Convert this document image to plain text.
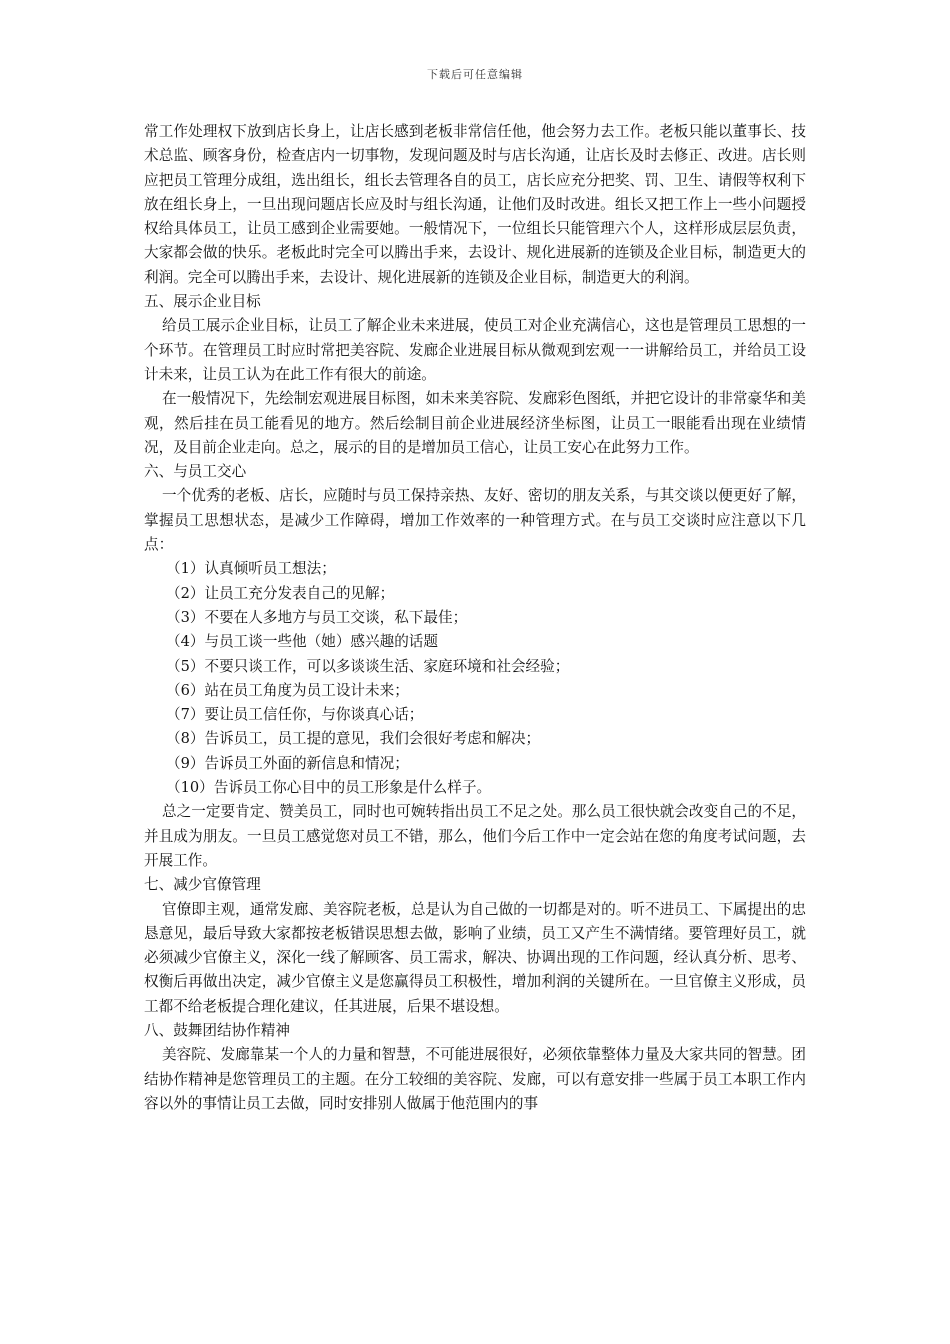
下载后可任意编辑

常工作处理权下放到店长身上，让店长感到老板非常信任他，他会努力去工作。老板只能以董事长、技术总监、顾客身份，检查店内一切事物，发现问题及时与店长沟通，让店长及时去修正、改进。店长则应把员工管理分成组，选出组长，组长去管理各自的员工，店长应充分把奖、罚、卫生、请假等权利下放在组长身上，一旦出现问题店长应及时与组长沟通，让他们及时改进。组长又把工作上一些小问题授权给具体员工，让员工感到企业需要她。一般情况下，一位组长只能管理六个人，这样形成层层负责，大家都会做的快乐。老板此时完全可以腾出手来，去设计、规化进展新的连锁及企业目标，制造更大的利润。完全可以腾出手来，去设计、规化进展新的连锁及企业目标，制造更大的利润。

五、展示企业目标

给员工展示企业目标，让员工了解企业未来进展，使员工对企业充满信心，这也是管理员工思想的一个环节。在管理员工时应时常把美容院、发廊企业进展目标从微观到宏观一一讲解给员工，并给员工设计未来，让员工认为在此工作有很大的前途。

在一般情况下，先绘制宏观进展目标图，如未来美容院、发廊彩色图纸，并把它设计的非常豪华和美观，然后挂在员工能看见的地方。然后绘制目前企业进展经济坐标图，让员工一眼能看出现在业绩情况，及目前企业走向。总之，展示的目的是增加员工信心，让员工安心在此努力工作。

六、与员工交心

一个优秀的老板、店长，应随时与员工保持亲热、友好、密切的朋友关系，与其交谈以便更好了解，掌握员工思想状态，是减少工作障碍，增加工作效率的一种管理方式。在与员工交谈时应注意以下几点：

（1）认真倾听员工想法；

（2）让员工充分发表自己的见解；

（3）不要在人多地方与员工交谈，私下最佳；

（4）与员工谈一些他（她）感兴趣的话题

（5）不要只谈工作，可以多谈谈生活、家庭环境和社会经验；

（6）站在员工角度为员工设计未来；

（7）要让员工信任你，与你谈真心话；

（8）告诉员工，员工提的意见，我们会很好考虑和解决；

（9）告诉员工外面的新信息和情况；

（10）告诉员工你心目中的员工形象是什么样子。

总之一定要肯定、赞美员工，同时也可婉转指出员工不足之处。那么员工很快就会改变自己的不足，并且成为朋友。一旦员工感觉您对员工不错，那么，他们今后工作中一定会站在您的角度考试问题，去开展工作。

七、减少官僚管理

官僚即主观，通常发廊、美容院老板，总是认为自己做的一切都是对的。听不进员工、下属提出的忠恳意见，最后导致大家都按老板错误思想去做，影响了业绩，员工又产生不满情绪。要管理好员工，就必须减少官僚主义，深化一线了解顾客、员工需求，解决、协调出现的工作问题，经认真分析、思考、权衡后再做出决定，减少官僚主义是您赢得员工积极性，增加利润的关键所在。一旦官僚主义形成，员工都不给老板提合理化建议，任其进展，后果不堪设想。

八、鼓舞团结协作精神

美容院、发廊靠某一个人的力量和智慧，不可能进展很好，必须依靠整体力量及大家共同的智慧。团结协作精神是您管理员工的主题。在分工较细的美容院、发廊，可以有意安排一些属于员工本职工作内容以外的事情让员工去做，同时安排别人做属于他范围内的事
